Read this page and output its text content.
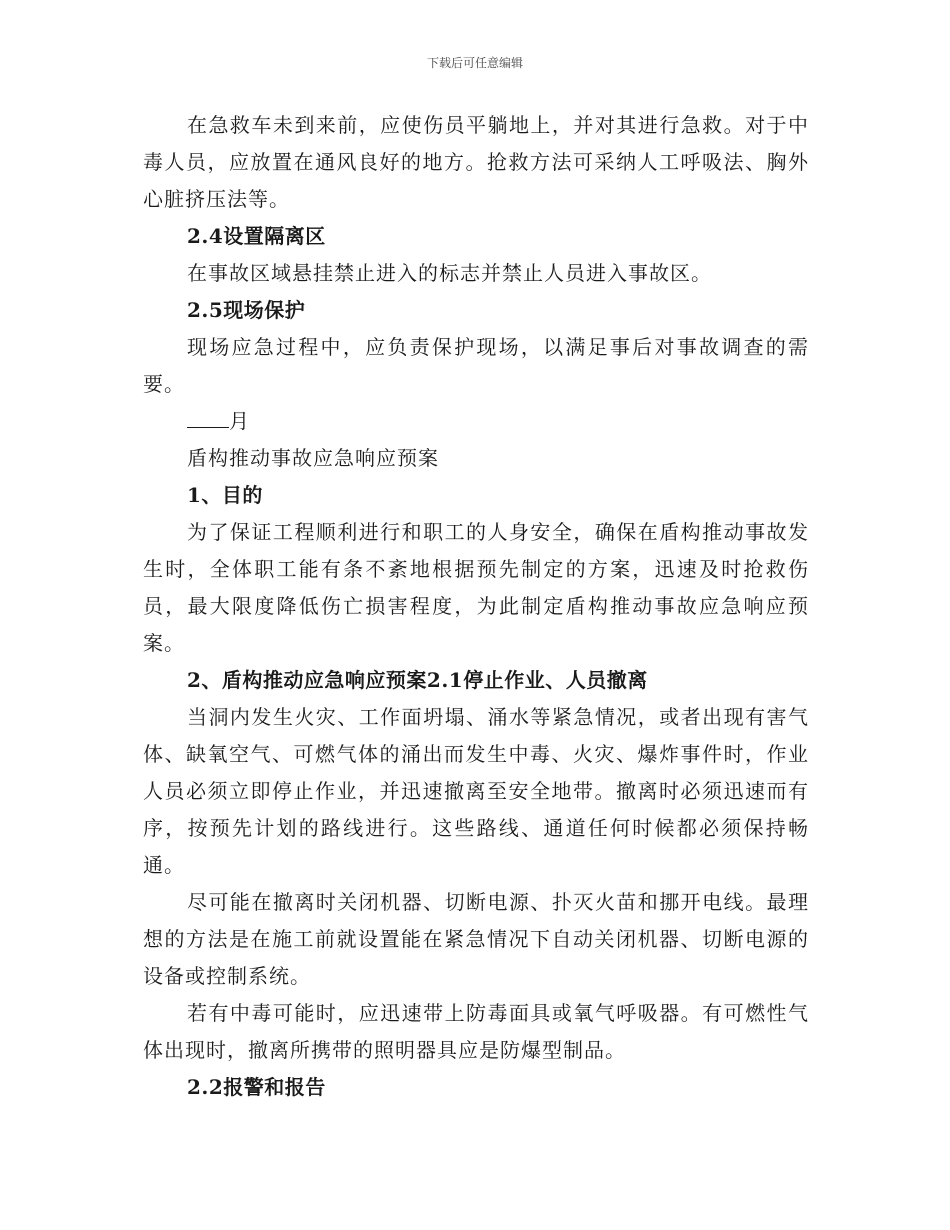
下载后可任意编辑

在急救车未到来前，应使伤员平躺地上，并对其进行急救。对于中毒人员，应放置在通风良好的地方。抢救方法可采纳人工呼吸法、胸外心脏挤压法等。

2.4设置隔离区

在事故区域悬挂禁止进入的标志并禁止人员进入事故区。

2.5现场保护

现场应急过程中，应负责保护现场，以满足事后对事故调查的需要。

月

盾构推动事故应急响应预案

1、目的

为了保证工程顺利进行和职工的人身安全，确保在盾构推动事故发生时，全体职工能有条不紊地根据预先制定的方案，迅速及时抢救伤员，最大限度降低伤亡损害程度，为此制定盾构推动事故应急响应预案。

2、盾构推动应急响应预案2.1停止作业、人员撤离

当洞内发生火灾、工作面坍塌、涌水等紧急情况，或者出现有害气体、缺氧空气、可燃气体的涌出而发生中毒、火灾、爆炸事件时，作业人员必须立即停止作业，并迅速撤离至安全地带。撤离时必须迅速而有序，按预先计划的路线进行。这些路线、通道任何时候都必须保持畅通。

尽可能在撤离时关闭机器、切断电源、扑灭火苗和挪开电线。最理想的方法是在施工前就设置能在紧急情况下自动关闭机器、切断电源的设备或控制系统。

若有中毒可能时，应迅速带上防毒面具或氧气呼吸器。有可燃性气体出现时，撤离所携带的照明器具应是防爆型制品。

2.2报警和报告
